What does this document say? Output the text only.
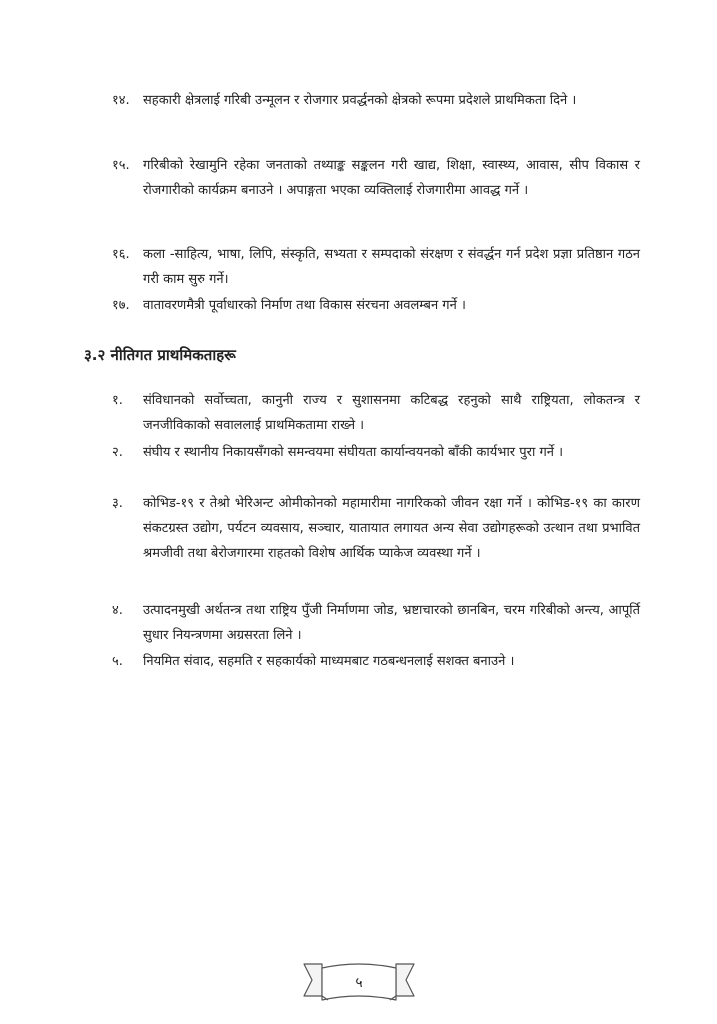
१४.	सहकारी क्षेत्रलाई गरिबी उन्मूलन र रोजगार प्रवर्द्धनको क्षेत्रको रूपमा प्रदेशले प्राथमिकता दिने ।
१५.	गरिबीको रेखामुनि रहेका जनताको तथ्याङ्क सङ्कलन गरी खाद्य, शिक्षा, स्वास्थ्य, आवास, सीप विकास र रोजगारीको कार्यक्रम बनाउने । अपाङ्गता भएका व्यक्तिलाई रोजगारीमा आवद्ध गर्ने ।
१६.	कला -साहित्य, भाषा, लिपि, संस्कृति, सभ्यता र सम्पदाको संरक्षण र संवर्द्धन गर्न प्रदेश प्रज्ञा प्रतिष्ठान गठन गरी काम सुरु गर्ने।
१७.	वातावरणमैत्री पूर्वाधारको निर्माण तथा विकास संरचना अवलम्बन गर्ने ।
३.२ नीतिगत प्राथमिकताहरू
१.	संविधानको सर्वोच्चता, कानुनी राज्य र सुशासनमा कटिबद्ध रहनुको साथै राष्ट्रियता, लोकतन्त्र र जनजीविकाको सवाललाई प्राथमिकतामा राख्ने ।
२.	संघीय र स्थानीय निकायसँगको समन्वयमा संघीयता कार्यान्वयनको बाँकी कार्यभार पुरा गर्ने ।
३.	कोभिड-१९ र तेश्रो भेरिअन्ट ओमीकोनको महामारीमा नागरिकको जीवन रक्षा गर्ने । कोभिड-१९ का कारण संकटग्रस्त उद्योग, पर्यटन व्यवसाय, सञ्चार, यातायात लगायत अन्य सेवा उद्योगहरूको उत्थान तथा प्रभावित श्रमजीवी तथा बेरोजगारमा राहतको विशेष आर्थिक प्याकेज व्यवस्था गर्ने ।
४.	उत्पादनमुखी अर्थतन्त्र तथा राष्ट्रिय पुँजी निर्माणमा जोड, भ्रष्टाचारको छानबिन, चरम गरिबीको अन्त्य, आपूर्ति सुधार नियन्त्रणमा अग्रसरता लिने ।
५.	नियमित संवाद, सहमति र सहकार्यको माध्यमबाट गठबन्धनलाई सशक्त बनाउने ।
५
